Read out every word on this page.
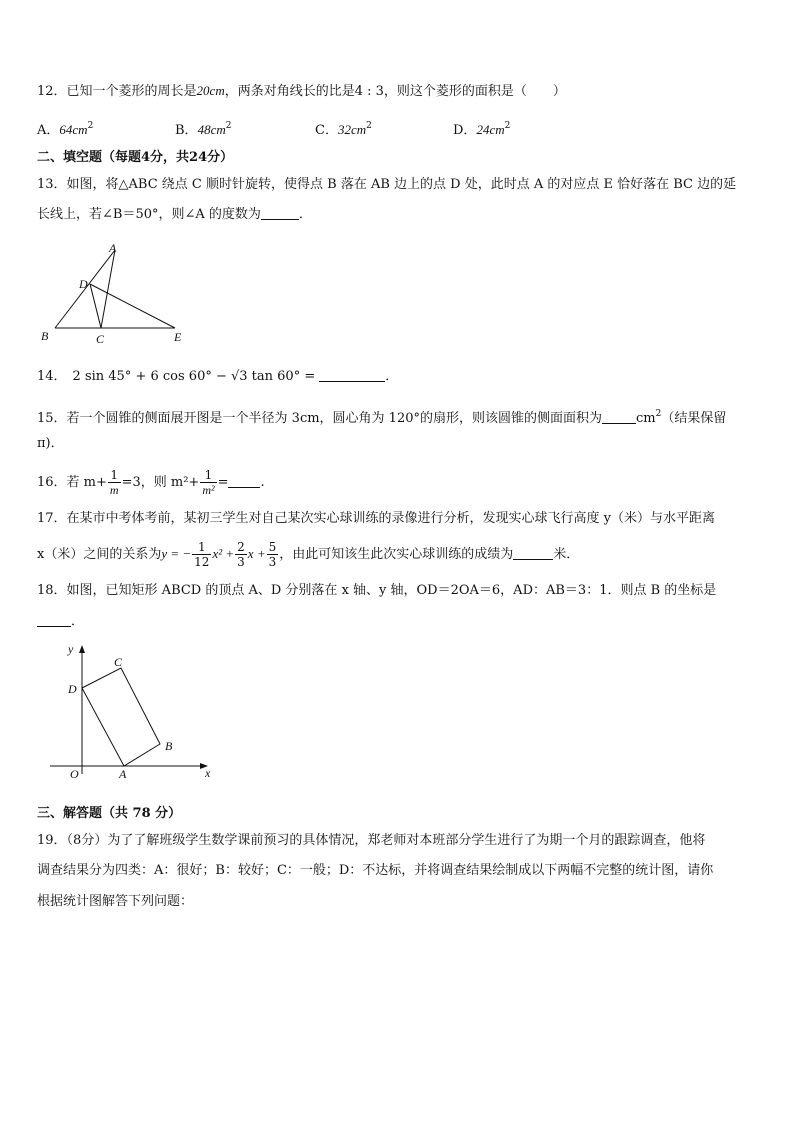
12．已知一个菱形的周长是20cm，两条对角线长的比是4 : 3，则这个菱形的面积是（　　）
A．$64cm^2$	B．$48cm^2$	C．$32cm^2$	D．$24cm^2$
二、填空题（每题4分，共24分）
13．如图，将△ABC 绕点 C 顺时针旋转，使得点 B 落在 AB 边上的点 D 处，此时点 A 的对应点 E 恰好落在 BC 边的延
长线上，若∠B＝50°，则∠A 的度数为	．
A
D
B	C	E
14． 2 sin 45° + 6 cos 60° − √3 tan 60° =	．
15．若一个圆锥的侧面展开图是一个半径为 3cm，圆心角为 120°的扇形，则该圆锥的侧面面积为	$cm^2$（结果保留
π)．
16．若 $m+ \frac{1}{m} =3$，则 $m^2+ \frac{1}{\text{m²}}$ = .
17．在某市中考体考前，某初三学生对自己某次实心球训练的录像进行分析，发现实心球飞行高度 y（米）与水平距离
x（米）之间的关系为y = − $\frac{1}{12} x^2 + \frac{2}{3}$ $x + \frac{5}{3}$ ，由此可知该生此次实心球训练的成绩为	米．
18．如图，已知矩形 ABCD 的顶点 A、D 分别落在 x 轴、y 轴，OD＝2OA＝6，AD：AB＝3：1．则点 B 的坐标是
．
x
y
O	A
B
C
D
三、解答题（共 78 分）
19．（8分）为了了解班级学生数学课前预习的具体情况，郑老师对本班部分学生进行了为期一个月的跟踪调查，他将
调查结果分为四类：A：很好；B：较好；C：一般；D：不达标，并将调查结果绘制成以下两幅不完整的统计图，请你
根据统计图解答下列问题：
